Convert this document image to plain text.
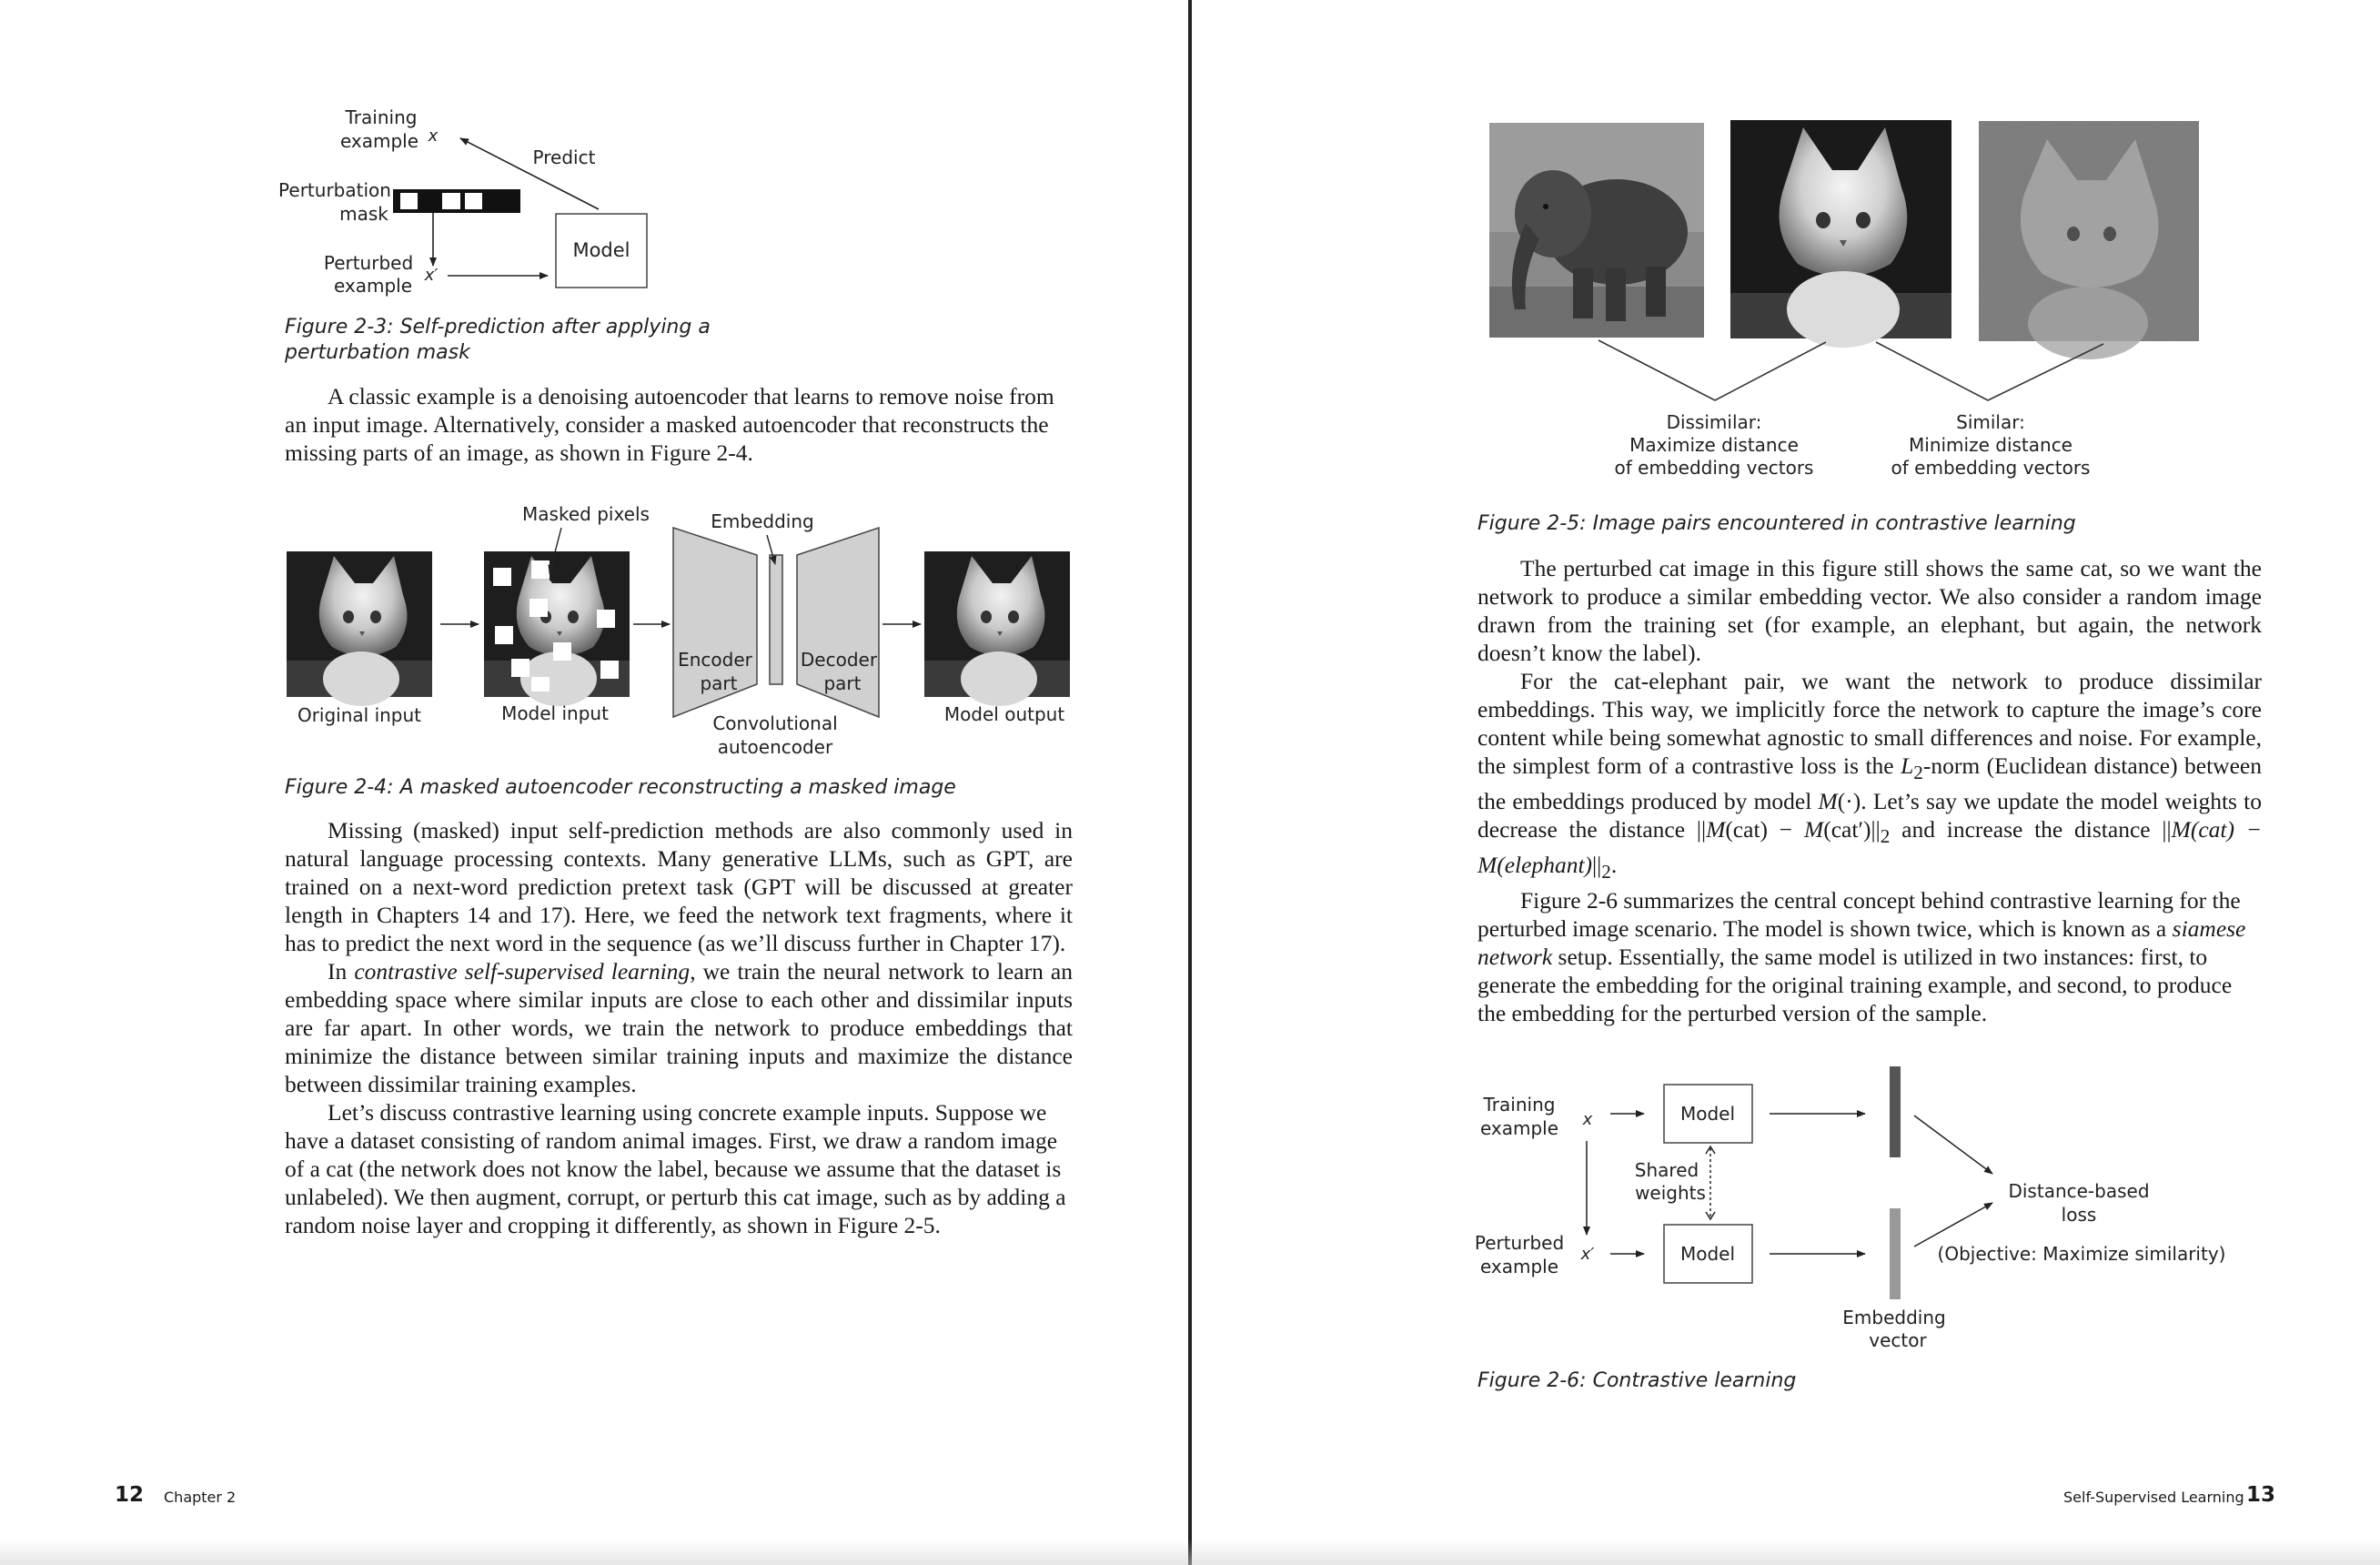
Training
example x
Predict
Perturbation
mask
Perturbed
example x′
Model
Figure 2-3: Self-prediction after applying a
perturbation mask

A classic example is a denoising autoencoder that learns to remove noise from an input image. Alternatively, consider a masked autoencoder that reconstructs the missing parts of an image, as shown in Figure 2-4.

Masked pixels
Encoder
part
Embedding
Decoder
part
Convolutional
autoencoder
Original input	Model input	Model output
Figure 2-4: A masked autoencoder reconstructing a masked image

Missing (masked) input self-prediction methods are also commonly used in natural language processing contexts. Many generative LLMs, such as GPT, are trained on a next-word prediction pretext task (GPT will be discussed at greater length in Chapters 14 and 17). Here, we feed the network text fragments, where it has to predict the next word in the sequence (as we’ll discuss further in Chapter 17).

In contrastive self-supervised learning, we train the neural network to learn an embedding space where similar inputs are close to each other and dissimilar inputs are far apart. In other words, we train the network to produce embeddings that minimize the distance between similar training inputs and maximize the distance between dissimilar training examples.

Let’s discuss contrastive learning using concrete example inputs. Suppose we have a dataset consisting of random animal images. First, we draw a random image of a cat (the network does not know the label, because we assume that the dataset is unlabeled). We then augment, corrupt, or perturb this cat image, such as by adding a random noise layer and cropping it differently, as shown in Figure 2-5.

12 Chapter 2
Dissimilar:
Maximize distance
of embedding vectors
Similar:
Minimize distance
of embedding vectors
Figure 2-5: Image pairs encountered in contrastive learning

The perturbed cat image in this figure still shows the same cat, so we want the network to produce a similar embedding vector. We also consider a random image drawn from the training set (for example, an elephant, but again, the network doesn’t know the label).

For the cat-elephant pair, we want the network to produce dissimilar embeddings. This way, we implicitly force the network to capture the image’s core content while being somewhat agnostic to small differences and noise. For example, the simplest form of a contrastive loss is the $L_2$-norm (Euclidean distance) between the embeddings produced by model M(·). Let’s say we update the model weights to decrease the distance $||M(cat) - M(cat')||_2$ and increase the distance $||M(cat) - M(elephant)||_2$.

Figure 2-6 summarizes the central concept behind contrastive learning for the perturbed image scenario. The model is shown twice, which is known as a siamese network setup. Essentially, the same model is utilized in two instances: first, to generate the embedding for the original training example, and second, to produce the embedding for the perturbed version of the sample.

Training
example x	Model
Shared
weights
Perturbed
example
x′	Model
Distance-based
loss
(Objective: Maximize similarity)
Embedding
vector
Figure 2-6: Contrastive learning
Self-Supervised Learning 13
